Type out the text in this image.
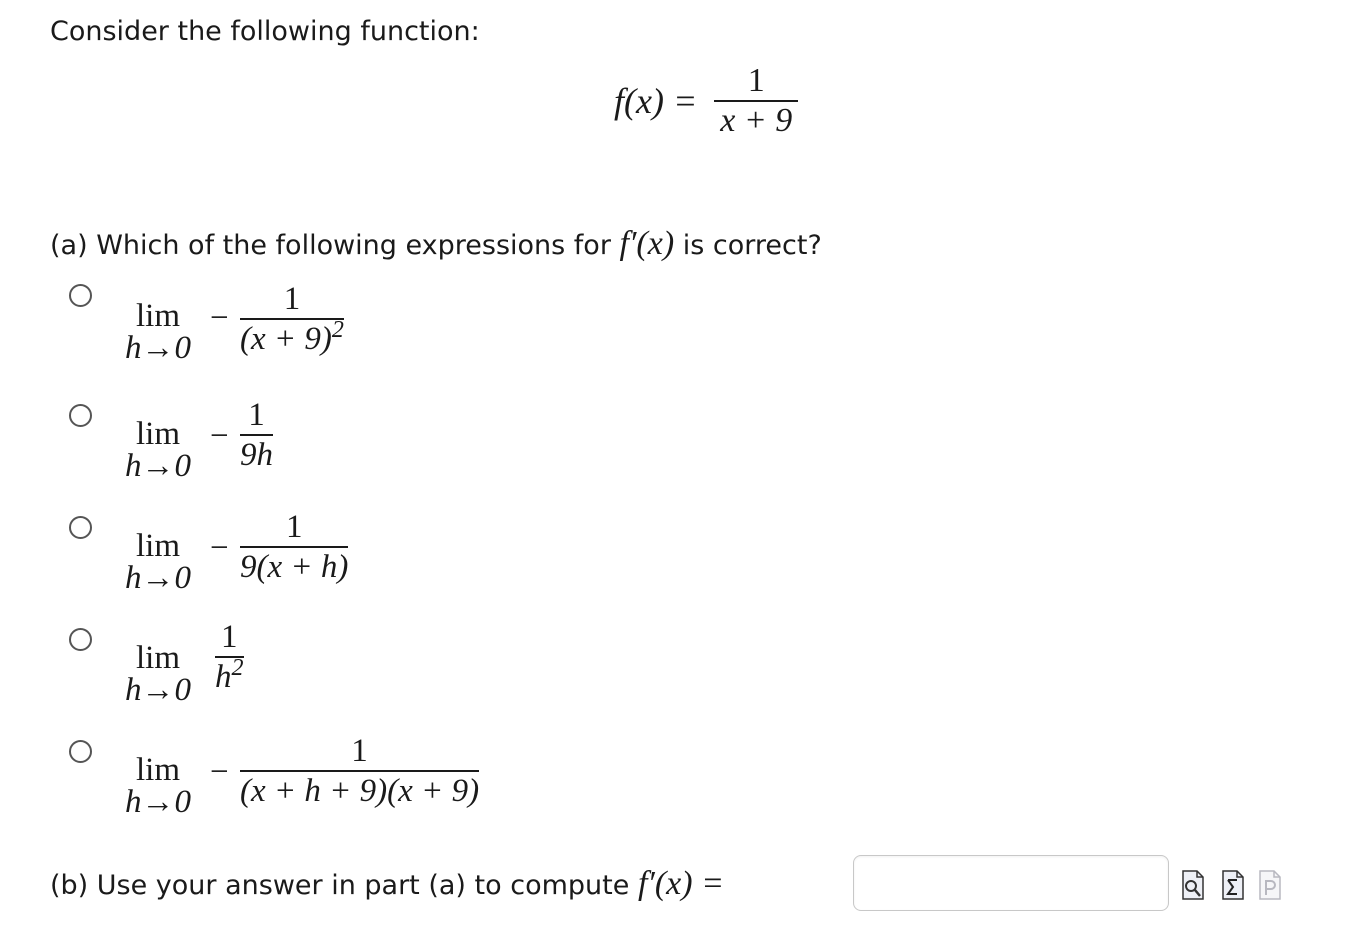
Consider the following function:
$f(x) = \frac{1}{x + 9}$
(a) Which of the following expressions for f′(x) is correct?
lim
h→0
−
1
$(x + 9)^2$
lim
h→0
−
1
9h
lim
h→0
−
1
9(x + h)
lim
h→0
1
$h^2$
lim
h→0
−
1
(x + h + 9)(x + 9)
(b) Use your answer in part (a) to compute f′(x) =
